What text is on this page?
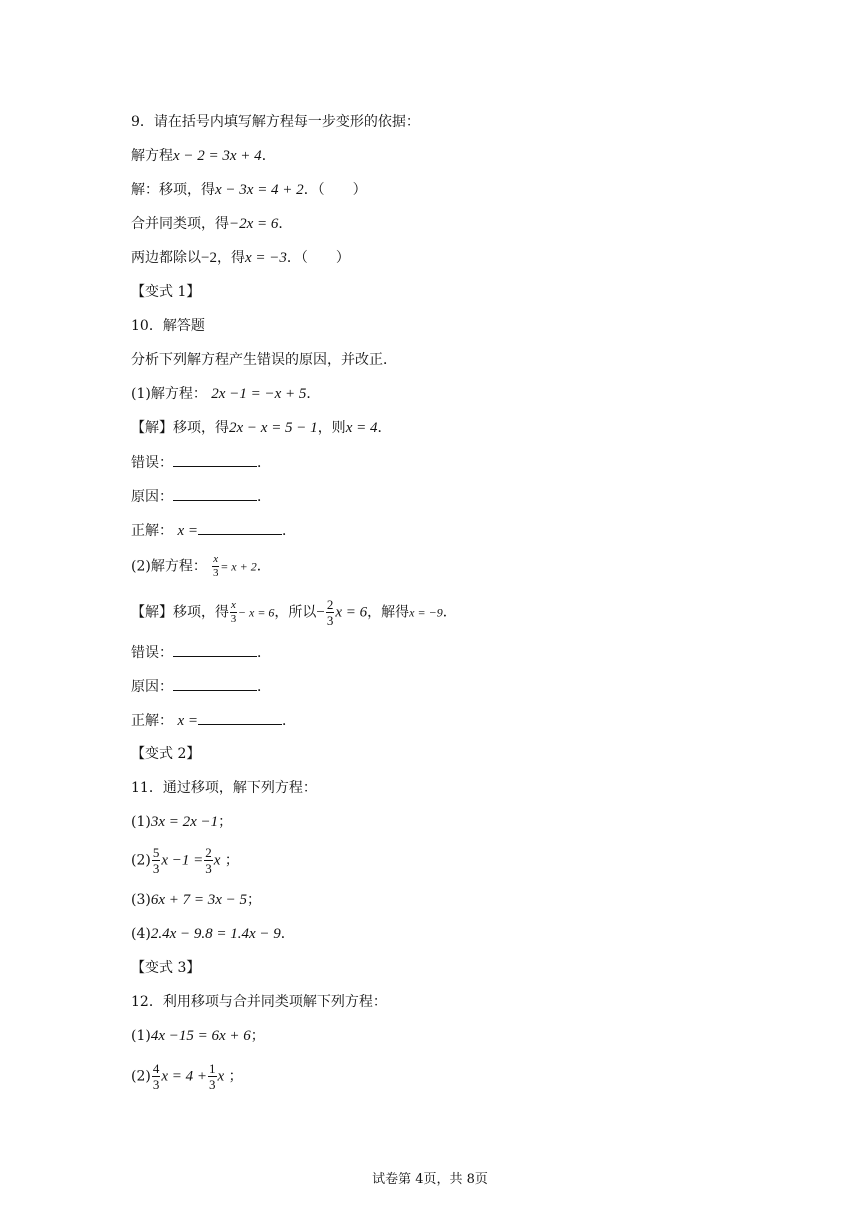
9．请在括号内填写解方程每一步变形的依据：
解方程x − 2 = 3x + 4．
解：移项，得x − 3x = 4 + 2．（　　）
合并同类项，得−2x = 6．
两边都除以−2，得x = −3．（　　）
【变式 1】
10．解答题
分析下列解方程产生错误的原因，并改正．
(1)解方程： 2x −1 = −x + 5．
【解】移项，得2x − x = 5 − 1，则x = 4．
错误：	．
原因：	．
正解： x =	．
(2)解方程： $\frac{x}{3} = x + 2$．
【解】移项，得 $\frac{x}{3} - x = 6$，所以− $\frac{2}{3}$ x = 6，解得x = −9．
错误：	．
原因：	．
正解： x =	．
【变式 2】
11．通过移项，解下列方程：
(1)3x = 2x −1；
$(2) \frac{5}{3}$ $x -1 = \frac{2}{3}$ x ；
(3)6x + 7 = 3x − 5；
(4)2.4x − 9.8 = 1.4x − 9．
【变式 3】
12．利用移项与合并同类项解下列方程：
(1)4x −15 = 6x + 6；
$(2) \frac{4}{3}$ $x = 4 + \frac{1}{3}$ x ；
试卷第 4页，共 8页
